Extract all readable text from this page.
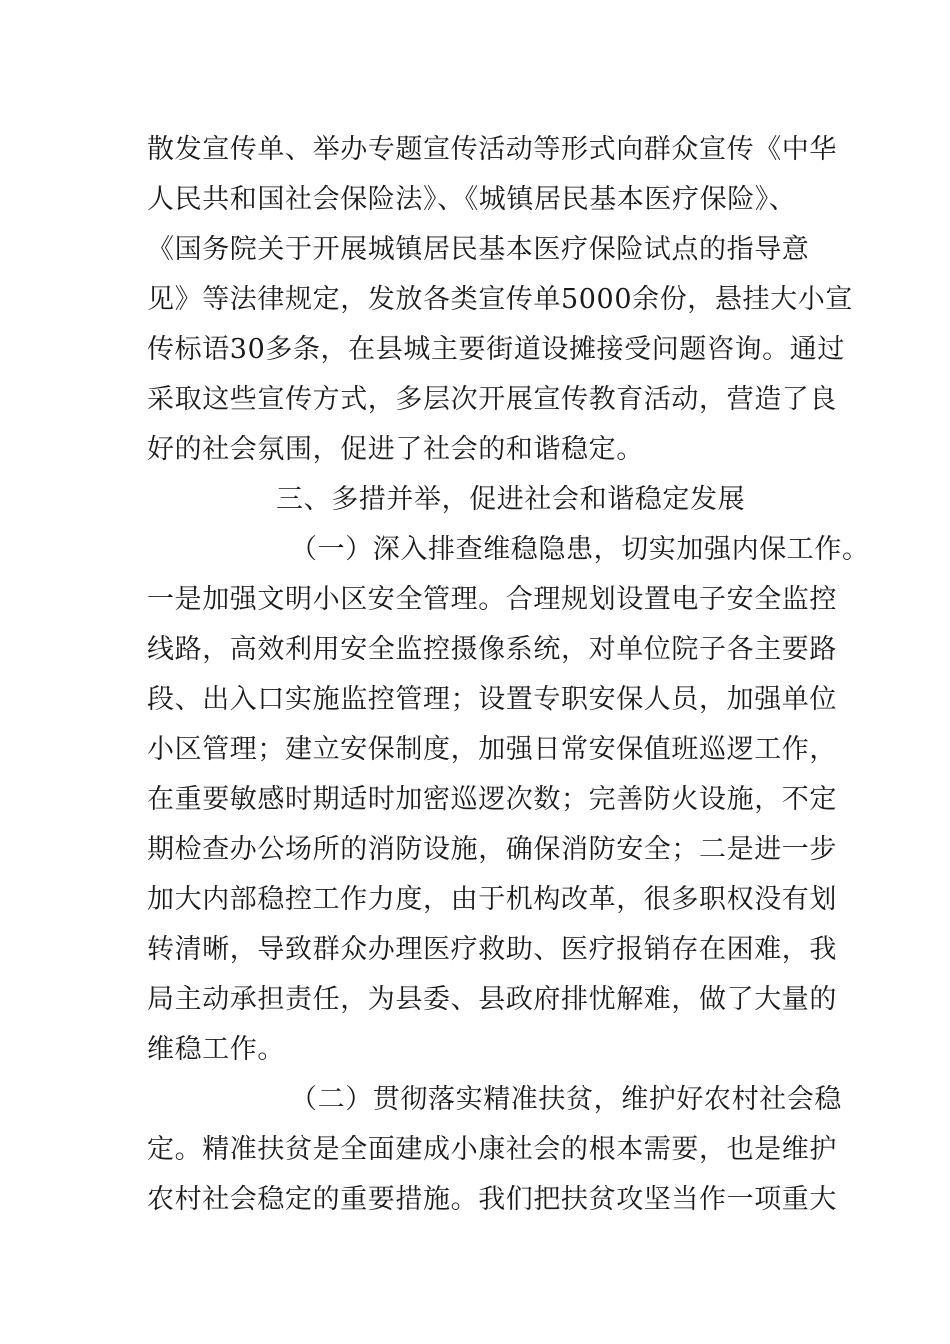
散发宣传单、举办专题宣传活动等形式向群众宣传《中华
人民共和国社会保险法》、《城镇居民基本医疗保险》、
《国务院关于开展城镇居民基本医疗保险试点的指导意
见》等法律规定，发放各类宣传单5000余份，悬挂大小宣
传标语30多条，在县城主要街道设摊接受问题咨询。通过
采取这些宣传方式，多层次开展宣传教育活动，营造了良
好的社会氛围，促进了社会的和谐稳定。
三、多措并举，促进社会和谐稳定发展
（一）深入排查维稳隐患，切实加强内保工作。
一是加强文明小区安全管理。合理规划设置电子安全监控
线路，高效利用安全监控摄像系统，对单位院子各主要路
段、出入口实施监控管理；设置专职安保人员，加强单位
小区管理；建立安保制度，加强日常安保值班巡逻工作，
在重要敏感时期适时加密巡逻次数；完善防火设施，不定
期检查办公场所的消防设施，确保消防安全；二是进一步
加大内部稳控工作力度，由于机构改革，很多职权没有划
转清晰，导致群众办理医疗救助、医疗报销存在困难，我
局主动承担责任，为县委、县政府排忧解难，做了大量的
维稳工作。
（二）贯彻落实精准扶贫，维护好农村社会稳
定。精准扶贫是全面建成小康社会的根本需要，也是维护
农村社会稳定的重要措施。我们把扶贫攻坚当作一项重大
